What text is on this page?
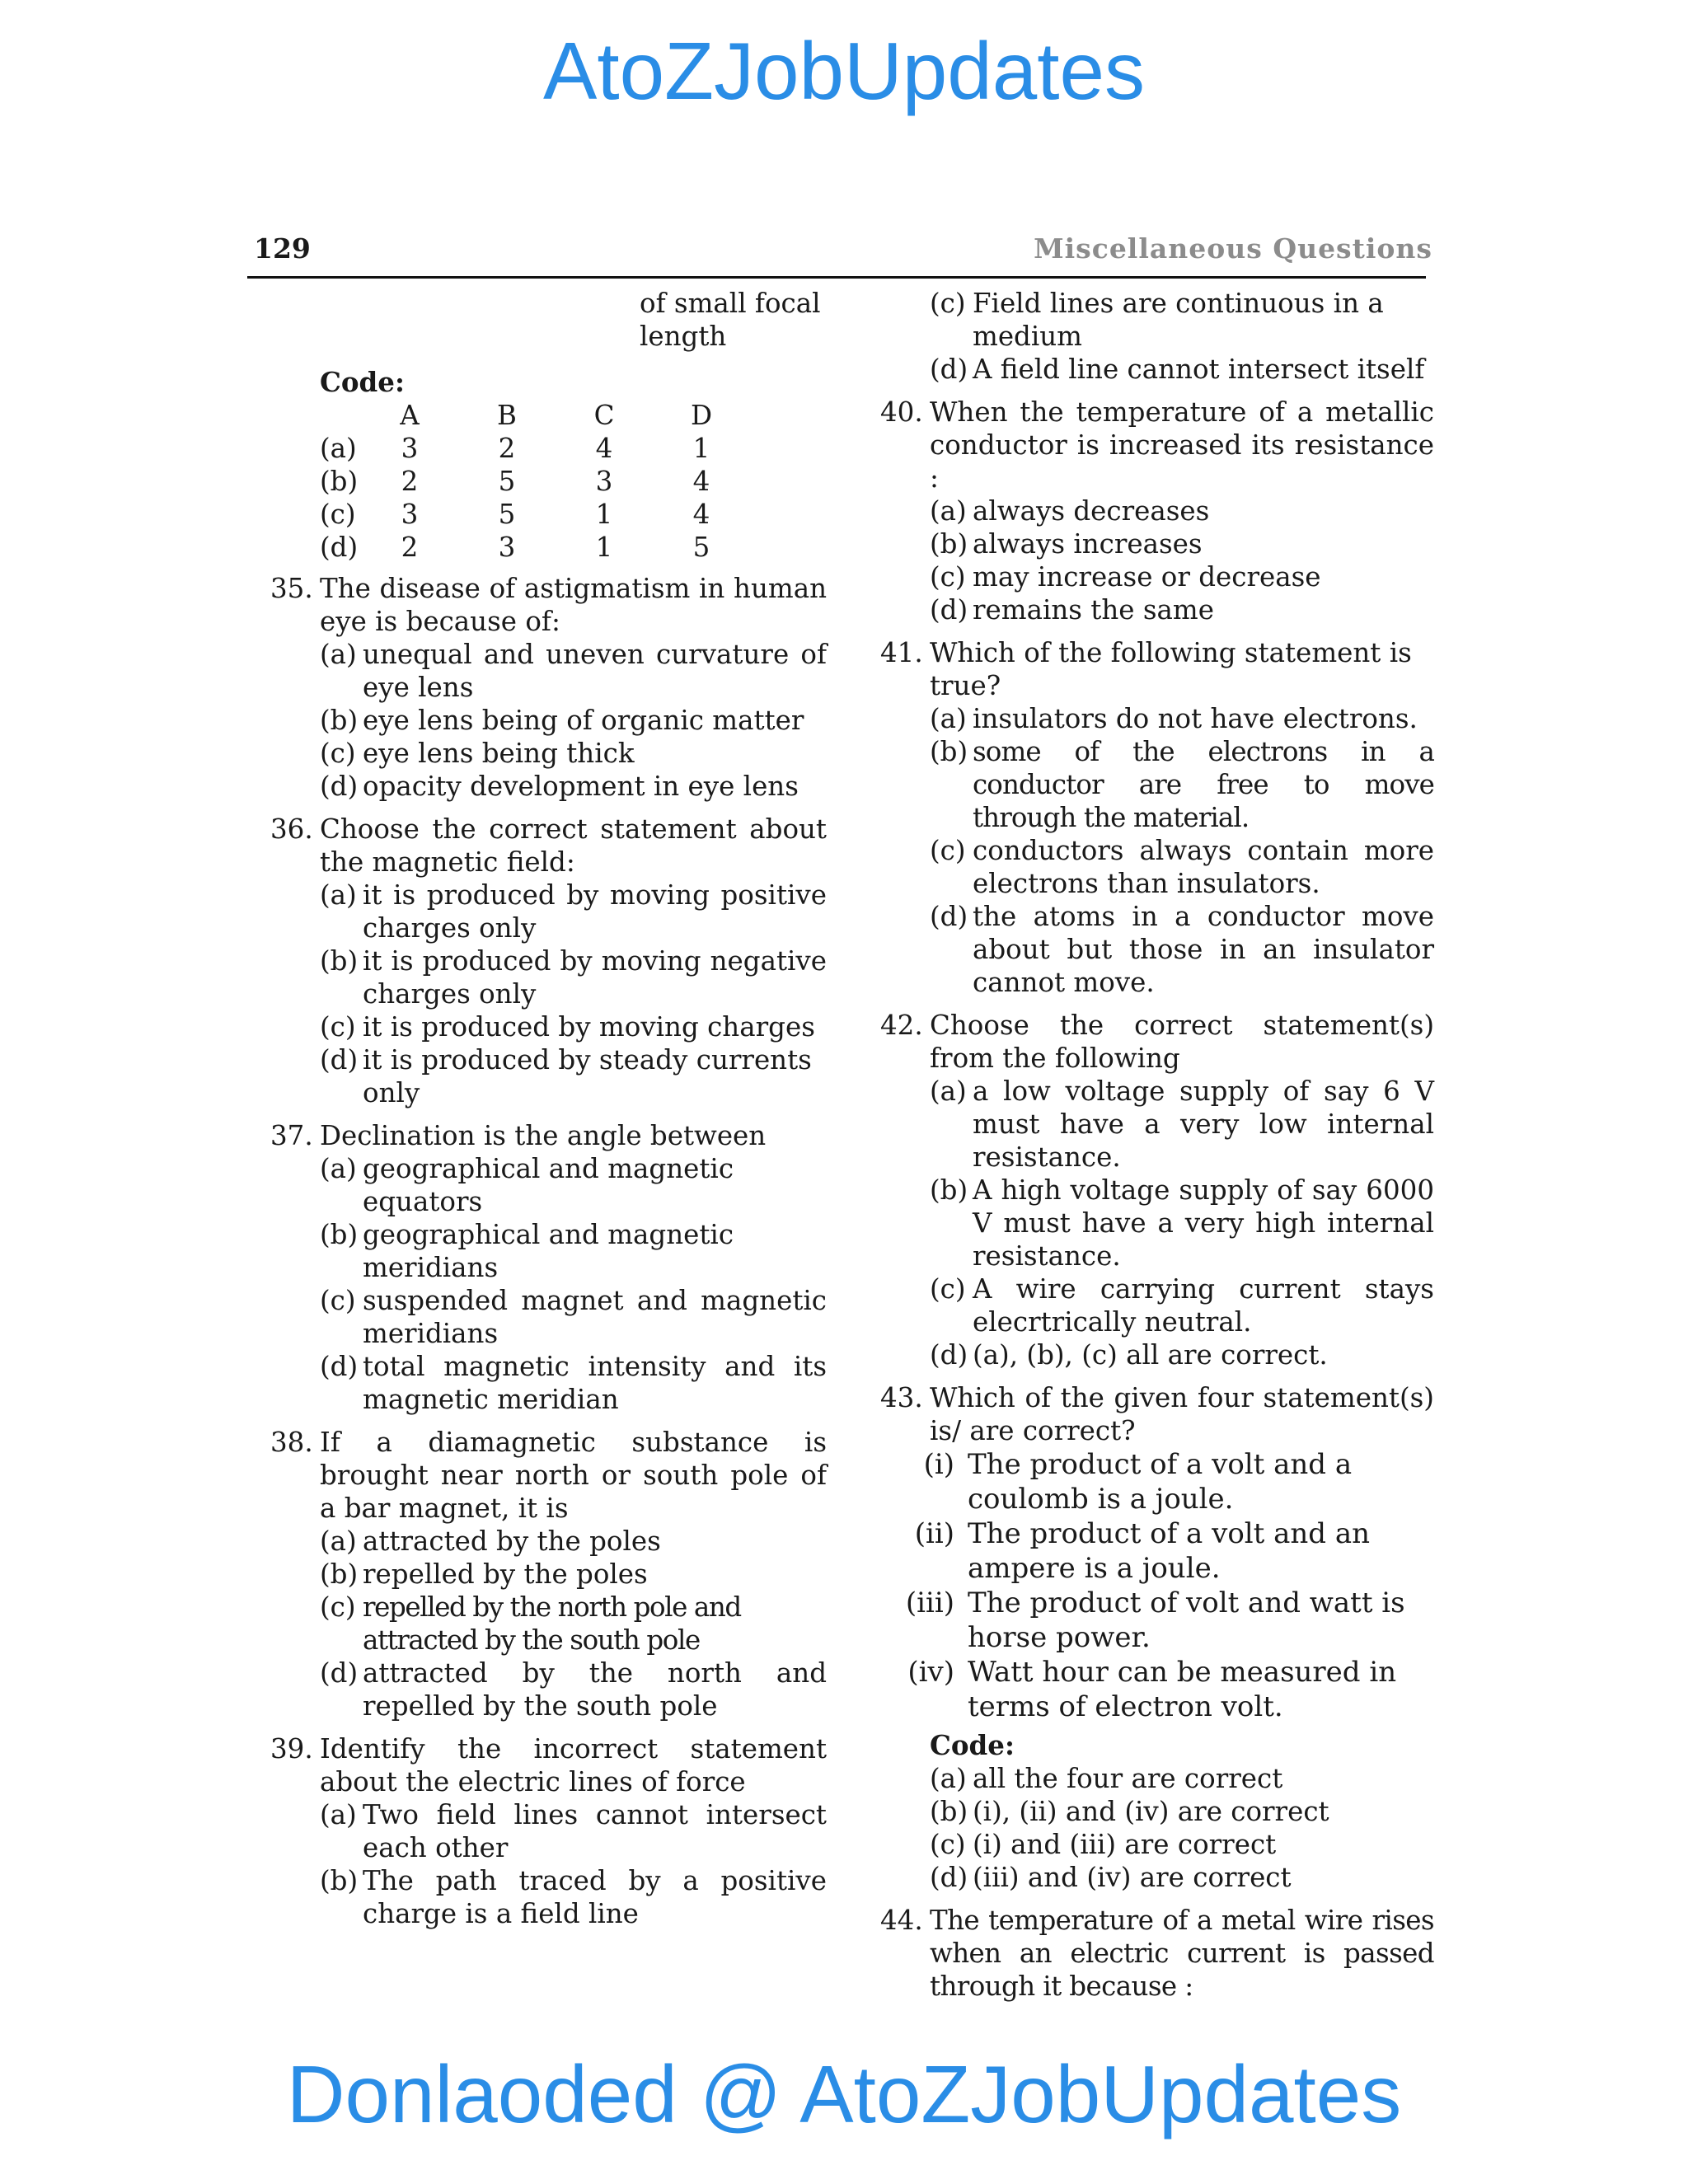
AtoZJobUpdates
129	Miscellaneous Questions
of small focal
length
Code:
	A	B	C	D
(a)	3	2	4	1
(b)	2	5	3	4
(c)	3	5	1	4
(d)	2	3	1	5
35. The disease of astigmatism in human eye is because of:
(a) unequal and uneven curvature of eye lens
(b) eye lens being of organic matter
(c) eye lens being thick
(d) opacity development in eye lens
36. Choose the correct statement about the magnetic field:
(a) it is produced by moving positive charges only
(b) it is produced by moving negative charges only
(c) it is produced by moving charges
(d) it is produced by steady currents only
37. Declination is the angle between
(a) geographical and magnetic equators
(b) geographical and magnetic meridians
(c) suspended magnet and magnetic meridians
(d) total magnetic intensity and its magnetic meridian
38. If a diamagnetic substance is brought near north or south pole of a bar magnet, it is
(a) attracted by the poles
(b) repelled by the poles
(c) repelled by the north pole and attracted by the south pole
(d) attracted by the north and repelled by the south pole
39. Identify the incorrect statement about the electric lines of force
(a) Two field lines cannot intersect each other
(b) The path traced by a positive charge is a field line
(c) Field lines are continuous in a medium
(d) A field line cannot intersect itself
40. When the temperature of a metallic conductor is increased its resistance :
(a) always decreases
(b) always increases
(c) may increase or decrease
(d) remains the same
41. Which of the following statement is true?
(a) insulators do not have electrons.
(b) some of the electrons in a conductor are free to move through the material.
(c) conductors always contain more electrons than insulators.
(d) the atoms in a conductor move about but those in an insulator cannot move.
42. Choose the correct statement(s) from the following
(a) a low voltage supply of say 6 V must have a very low internal resistance.
(b) A high voltage supply of say 6000 V must have a very high internal resistance.
(c) A wire carrying current stays elecrtrically neutral.
(d) (a), (b), (c) all are correct.
43. Which of the given four statement(s) is/ are correct?
(i) The product of a volt and a coulomb is a joule.
(ii) The product of a volt and an ampere is a joule.
(iii) The product of volt and watt is horse power.
(iv) Watt hour can be measured in terms of electron volt.
Code:
(a) all the four are correct
(b) (i), (ii) and (iv) are correct
(c) (i) and (iii) are correct
(d) (iii) and (iv) are correct
44. The temperature of a metal wire rises when an electric current is passed through it because :
Donlaoded @ AtoZJobUpdates
